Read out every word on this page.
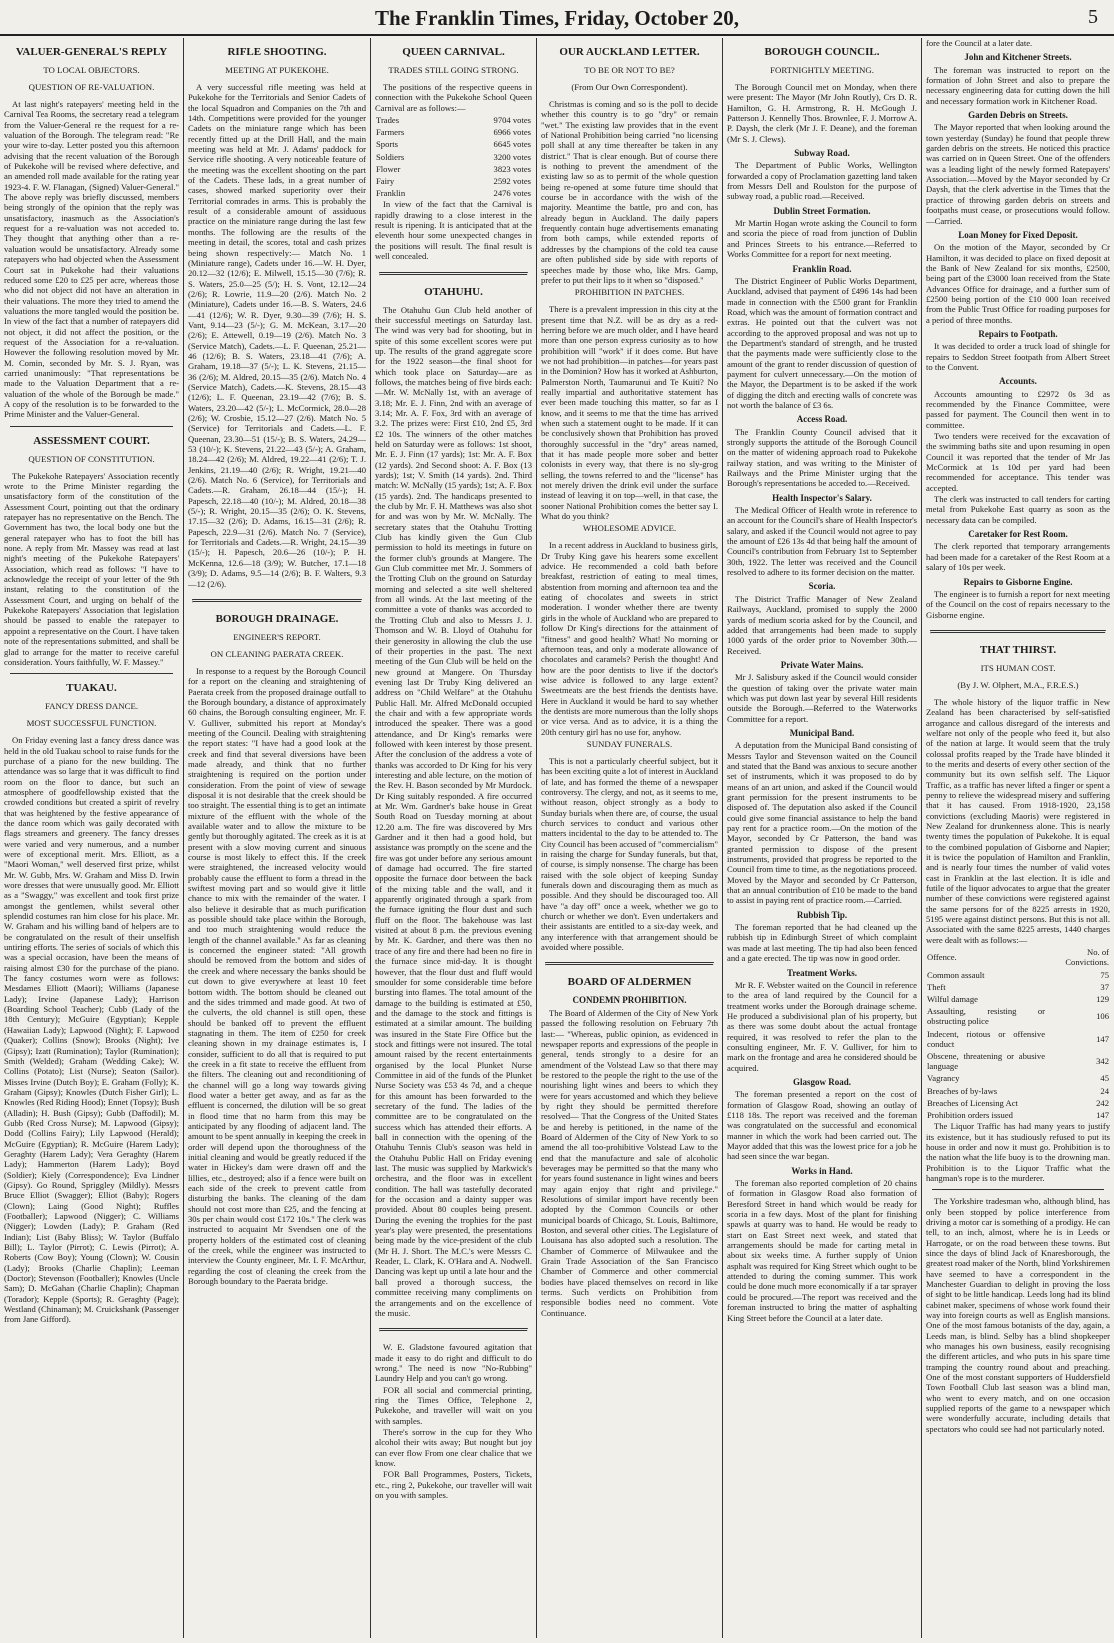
The Franklin Times, Friday, October 20,	5
VALUER-GENERAL'S REPLY
TO LOCAL OBJECTORS.
QUESTION OF RE-VALUATION.

At last night's ratepayers' meeting held in the Carnival Tea Rooms, the secretary read a telegram from the Valuer-General re the request for a re-valuation of the Borough. The telegram read: "Re your wire to-day. Letter posted you this afternoon advising that the recent valuation of the Borough of Pukekohe will be revised where defective, and an amended roll made available for the rating year 1923-4. F. W. Flanagan, (Signed) Valuer-General." The above reply was briefly discussed, members being strongly of the opinion that the reply was unsatisfactory, inasmuch as the Association's request for a re-valuation was not acceded to. They thought that anything other than a re-valuation would be unsatisfactory. Already some ratepayers who had objected when the Assessment Court sat in Pukekohe had their valuations reduced some £20 to £25 per acre, whereas those who did not object did not have an alteration in their valuations. The more they tried to amend the valuations the more tangled would the position be. In view of the fact that a number of ratepayers did not object, it did not affect the position, or the request of the Association for a re-valuation. However the following resolution moved by Mr. M. Comin, seconded by Mr. S. J. Ryan, was carried unanimously: "That representations be made to the Valuation Department that a re-valuation of the whole of the Borough be made." A copy of the resolution is to be forwarded to the Prime Minister and the Valuer-General.

ASSESSMENT COURT.
QUESTION OF CONSTITUTION.

The Pukekohe Ratepayers' Association recently wrote to the Prime Minister regarding the unsatisfactory form of the constitution of the Assessment Court, pointing out that the ordinary ratepayer has no representative on the Bench. The Government has two, the local body one but the general ratepayer who has to foot the bill has none. A reply from Mr. Massey was read at last night's meeting of the Pukekohe Ratepayers' Association, which read as follows: "I have to acknowledge the receipt of your letter of the 9th instant, relating to the constitution of the Assessment Court, and urging on behalf of the Pukekohe Ratepayers' Association that legislation should be passed to enable the ratepayer to appoint a representative on the Court. I have taken note of the representations submitted, and shall be glad to arrange for the matter to receive careful consideration. Yours faithfully, W. F. Massey."

TUAKAU.
FANCY DRESS DANCE.
MOST SUCCESSFUL FUNCTION.

On Friday evening last a fancy dress dance was held in the old Tuakau school to raise funds for the purchase of a piano for the new building. The attendance was so large that it was difficult to find room on the floor to dance, but such an atmosphere of goodfellowship existed that the crowded conditions but created a spirit of revelry that was heightened by the festive appearance of the dance room which was gaily decorated with flags streamers and greenery. The fancy dresses were varied and very numerous, and a number were of exceptional merit. Mrs. Elliott, as a "Maori Woman," well deserved first prize, whilst Mr. W. Gubb, Mrs. W. Graham and Miss D. Irwin wore dresses that were unusually good. Mr. Elliott as a "Swaggy," was excellent and took first prize amongst the gentlemen, whilst several other splendid costumes ran him close for his place. Mr. W. Graham and his willing band of helpers are to be congratulated on the result of their unselfish untiring efforts. The series of socials of which this was a special occasion, have been the means of raising almost £30 for the purchase of the piano. The fancy costumes worn were as follows: Mesdames Elliott (Maori); Williams (Japanese Lady); Irvine (Japanese Lady); Harrison (Boarding School Teacher); Cubb (Lady of the 18th Century); McGuire (Egyptian); Kepple (Hawaiian Lady); Lapwood (Night); F. Lapwood (Quaker); Collins (Snow); Brooks (Night); Ive (Gipsy); Izatt (Rumination); Taylor (Rumination); Smith (Welded); Graham (Wedding Cake); W. Collins (Potato); List (Nurse); Seaton (Sailor). Misses Irvine (Dutch Boy); E. Graham (Folly); K. Graham (Gipsy); Knowles (Dutch Fisher Girl); L. Knowles (Red Riding Hood); Ennet (Topsy); Bush (Alladin); H. Bush (Gipsy); Gubb (Daffodil); M. Gubb (Red Cross Nurse); M. Lapwood (Gipsy); Dodd (Collins Fairy); Lily Lapwood (Herald); McGuire (Egyptian); R. McGuire (Harem Lady); Geraghty (Harem Lady); Vera Geraghty (Harem Lady); Hammerton (Harem Lady); Boyd (Soldier); Kiely (Correspondence); Eva Lindner (Gipsy). Go Round, Spriggley (Mildly). Messrs Bruce Elliot (Swagger); Elliot (Baby); Rogers (Clown); Laing (Good Night); Ruffles (Footballer); Lapwood (Nigger); C. Williams (Nigger); Lowden (Lady); P. Graham (Red Indian); List (Baby Bliss); W. Taylor (Buffalo Bill); L. Taylor (Pirrot); C. Lewis (Pirrot); A. Roberts (Cow Boy); Young (Clown); W. Cousin (Lady); Brooks (Charlie Chaplin); Leeman (Doctor); Stevenson (Footballer); Knowles (Uncle Sam); D. McGahan (Charlie Chaplin); Chapman (Torador); Kepple (Sports); R. Geraghty (Page); Westland (Chinaman); M. Cruickshank (Passenger from Jane Gifford).

RIFLE SHOOTING.
MEETING AT PUKEKOHE.

A very successful rifle meeting was held at Pukekohe for the Territorials and Senior Cadets of the local Squadron and Companies on the 7th and 14th. Competitions were provided for the younger Cadets on the miniature range which has been recently fitted up at the Drill Hall, and the main meeting was held at Mr. J. Adams' paddock for Service rifle shooting. A very noticeable feature of the meeting was the excellent shooting on the part of the Cadets. These lads, in a great number of cases, showed marked superiority over their Territorial comrades in arms. This is probably the result of a considerable amount of assiduous practice on the miniature range during the last few months. The following are the results of the meeting in detail, the scores, total and cash prizes being shown respectively:— Match No. 1 (Miniature range), Cadets under 16.—W. H. Dyer, 20.12—32 (12/6); E. Milwell, 15.15—30 (7/6); R. S. Waters, 25.0—25 (5/); H. S. Vont, 12.12—24 (2/6); R. Lowrie, 11.9—20 (2/6). Match No. 2 (Miniature), Cadets under 16.—B. S. Waters, 24.6—41 (12/6); W. R. Dyer, 9.30—39 (7/6); H. S. Vant, 9.14—23 (5/-); G. M. McKean, 3.17—20 (2/6); E. Attewell, 0.19—19 (2/6). Match No. 3 (Service Match), Cadets.—L. F. Queenan, 25.21—46 (12/6); B. S. Waters, 23.18—41 (7/6); A. Graham, 19.18—37 (5/-); L. K. Stevens, 21.15—36 (2/6); M. Aldred, 20.15—35 (2/6). Match No. 4 (Service Match), Cadets.—K. Stevens, 28.15—43 (12/6); L. F. Queenan, 23.19—42 (7/6); B. S. Waters, 23.20—42 (5/-); L. McCormick, 28.0—28 (2/6); W. Crosbie, 15.12—27 (2/6). Match No. 5 (Service) for Territorials and Cadets.—L. F. Queenan, 23.30—51 (15/-); B. S. Waters, 24.29—53 (10/-); K. Stevens, 21.22—43 (5/-); A. Graham, 18.24—42 (2/6); M. Aldred, 19.22—41 (2/6); T. J. Jenkins, 21.19—40 (2/6); R. Wright, 19.21—40 (2/6). Match No. 6 (Service), for Territorials and Cadets.—R. Graham, 26.18—44 (15/-); H. Papesch, 22.18—40 (10/-); M. Aldred, 20.18—38 (5/-); R. Wright, 20.15—35 (2/6); O. K. Stevens, 17.15—32 (2/6); D. Adams, 16.15—31 (2/6); R. Papesch, 22.9—31 (2/6). Match No. 7 (Service), for Territorials and Cadets.—R. Wright, 24.15—39 (15/-); H. Papesch, 20.6—26 (10/-); P. H. McKenna, 12.6—18 (3/9); W. Butcher, 17.1—18 (3/9); D. Adams, 9.5—14 (2/6); B. F. Walters, 9.3—12 (2/6).

BOROUGH DRAINAGE.
ENGINEER'S REPORT.
ON CLEANING PAERATA CREEK.

In response to a request by the Borough Council for a report on the cleaning and straightening of Paerata creek from the proposed drainage outfall to the Borough boundary, a distance of approximately 60 chains, the Borough consulting engineer, Mr. F. V. Gulliver, submitted his report at Monday's meeting of the Council. Dealing with straightening the report states: "I have had a good look at the creek and find that several diversions have been made already, and think that no further straightening is required on the portion under consideration. From the point of view of sewage disposal it is not desirable that the creek should be too straight. The essential thing is to get an intimate mixture of the effluent with the whole of the available water and to allow the mixture to be gently but thoroughly agitated. The creek as it is at present with a slow moving current and sinuous course is most likely to effect this. If the creek were straightened, the increased velocity would probably cause the effluent to form a thread in the swiftest moving part and so would give it little chance to mix with the remainder of the water. I also believe it desirable that as much purification as possible should take place within the Borough, and too much straightening would reduce the length of the channel available." As far as cleaning is concerned the engineer stated: "All growth should be removed from the bottom and sides of the creek and where necessary the banks should be cut down to give everywhere at least 10 feet bottom width. The bottom should be cleaned out and the sides trimmed and made good. At two of the culverts, the old channel is still open, these should be banked off to prevent the effluent stagnating in them. The item of £250 for creek cleaning shown in my drainage estimates is, I consider, sufficient to do all that is required to put the creek in a fit state to receive the effluent from the filters. The cleaning out and reconditioning of the channel will go a long way towards giving flood water a better get away, and as far as the effluent is concerned, the dilution will be so great in flood time that no harm from this may be anticipated by any flooding of adjacent land. The amount to be spent annually in keeping the creek in order will depend upon the thoroughness of the initial cleaning and would be greatly reduced if the water in Hickey's dam were drawn off and the lillies, etc., destroyed; also if a fence were built on each side of the creek to prevent cattle from disturbing the banks. The cleaning of the dam should not cost more than £25, and the fencing at 30s per chain would cost £172 10s." The clerk was instructed to acquaint Mr Svendsen one of the property holders of the estimated cost of cleaning of the creek, while the engineer was instructed to interview the County engineer, Mr. I. F. McArthur, regarding the cost of cleaning the creek from the Borough boundary to the Paerata bridge.

QUEEN CARNIVAL.
TRADES STILL GOING STRONG.

The positions of the respective queens in connection with the Pukekohe School Queen Carnival are as follows:—

Trades	9704 votes
Farmers	6966 votes
Sports	6645 votes
Soldiers	3200 votes
Flower	3823 votes
Fairy	2592 votes
Franklin	2476 votes

In view of the fact that the Carnival is rapidly drawing to a close interest in the result is ripening. It is anticipated that at the eleventh hour some unexpected changes in the positions will result. The final result is well concealed.

OTAHUHU.

The Otahuhu Gun Club held another of their successful meetings on Saturday last. The wind was very bad for shooting, but in spite of this some excellent scores were put up. The results of the grand aggregate score for the 1922 season—the final shoot for which took place on Saturday—are as follows, the matches being of five birds each:—Mr. W. McNally 1st, with an average of 3.18; Mr. E. J. Finn, 2nd with an average of 3.14; Mr. A. F. Fox, 3rd with an average of 3.2. The prizes were: First £10, 2nd £5, 3rd £2 10s. The winners of the other matches held on Saturday were as follows: 1st shoot, Mr. E. J. Finn (17 yards); 1st: Mr. A. F. Box (12 yards). 2nd Second shoot: A. F. Box (13 yards); 1st; V. Smith (14 yards). 2nd. Third match: W. McNally (15 yards); 1st; A. F. Box (15 yards). 2nd. The handicaps presented to the club by Mr. F. H. Matthews was also shot for and was won by Mr. W. McNally. The secretary states that the Otahuhu Trotting Club has kindly given the Gun Club permission to hold its meetings in future on the former club's grounds at Mangere. The Gun Club committee met Mr. J. Sommers of the Trotting Club on the ground on Saturday morning and selected a site well sheltered from all winds. At the last meeting of the committee a vote of thanks was accorded to the Trotting Club and also to Messrs J. J. Thomson and W. B. Lloyd of Otahuhu for their generosity in allowing the club the use of their properties in the past. The next meeting of the Gun Club will be held on the new ground at Mangere. On Thursday evening last Dr Truby King delivered an address on "Child Welfare" at the Otahuhu Public Hall. Mr. Alfred McDonald occupied the chair and with a few appropriate words introduced the speaker. There was a good attendance, and Dr King's remarks were followed with keen interest by those present. After the conclusion of the address a vote of thanks was accorded to Dr King for his very interesting and able lecture, on the motion of the Rev. H. Bason seconded by Mr Murdock. Dr King suitably responded. A fire occurred at Mr. Wm. Gardner's bake house in Great South Road on Tuesday morning at about 12.20 a.m. The fire was discovered by Mrs Gardner and it then had a good hold, but assistance was promptly on the scene and the fire was got under before any serious amount of damage had occurred. The fire started opposite the furnace door between the back of the mixing table and the wall, and it apparently originated through a spark from the furnace igniting the flour dust and such fluff on the floor. The bakehouse was last visited at about 8 p.m. the previous evening by Mr. K. Gardner, and there was then no trace of any fire and there had been no fire in the furnace since mid-day. It is thought however, that the flour dust and fluff would smoulder for some considerable time before bursting into flames. The total amount of the damage to the building is estimated at £50, and the damage to the stock and fittings is estimated at a similar amount. The building was insured in the State Fire Office but the stock and fittings were not insured. The total amount raised by the recent entertainments organised by the local Plunket Nurse Committee in aid of the funds of the Plunket Nurse Society was £53 4s 7d, and a cheque for this amount has been forwarded to the secretary of the fund. The ladies of the committee are to be congratulated on the success which has attended their efforts. A ball in connection with the opening of the Otahuhu Tennis Club's season was held in the Otahuhu Public Hall on Friday evening last. The music was supplied by Markwick's orchestra, and the floor was in excellent condition. The hall was tastefully decorated for the occasion and a dainty supper was provided. About 80 couples being present. During the evening the trophies for the past year's play were presented, the presentations being made by the vice-president of the club (Mr H. J. Short. The M.C.'s were Messrs C. Reader, L. Clark, K. O'Hara and A. Nodwell. Dancing was kept up until a late hour and the ball proved a thorough success, the committee receiving many compliments on the arrangements and on the excellence of the music.

W. E. Gladstone favoured agitation that made it easy to do right and difficult to do wrong." The need is now "No-Rubbing" Laundry Help and you can't go wrong.

FOR all social and commercial printing, ring the Times Office, Telephone 2, Pukekohe, and traveller will wait on you with samples.

There's sorrow in the cup for they Who alcohol their wits away; But nought but joy can ever flow From one clear chalice that we know.

FOR Ball Programmes, Posters, Tickets, etc., ring 2, Pukekohe, our traveller will wait on you with samples.

OUR AUCKLAND LETTER.
TO BE OR NOT TO BE?
(From Our Own Correspondent).

Christmas is coming and so is the poll to decide whether this country is to go "dry" or remain "wet." The existing law provides that in the event of National Prohibition being carried "no licensing poll shall at any time thereafter be taken in any district." That is clear enough. But of course there is nothing to prevent the amendment of the existing law so as to permit of the whole question being re-opened at some future time should that course be in accordance with the wish of the majority. Meantime the battle, pro and con, has already begun in Auckland. The daily papers frequently contain huge advertisements emanating from both camps, while extended reports of addresses by the champions of the cold tea cause are often published side by side with reports of speeches made by those who, like Mrs. Gamp, prefer to put their lips to it when so "disposed."

PROHIBITION IN PATCHES.

There is a prevalent impression in this city at the present time that N.Z. will be as dry as a red-herring before we are much older, and I have heard more than one person express curiosity as to how prohibition will "work" if it does come. But have we not had prohibition—in patches—for years past in the Dominion? How has it worked at Ashburton, Palmerston North, Taumarunui and Te Kuiti? No really impartial and authoritative statement has ever been made touching this matter, so far as I know, and it seems to me that the time has arrived when such a statement ought to be made. If it can be conclusively shown that Prohibition has proved thoroughly successful in the "dry" areas named, that it has made people more sober and better colonists in every way, that there is no sly-grog selling, the towns referred to and the "license" has not merely driven the drink evil under the surface instead of leaving it on top—well, in that case, the sooner National Prohibition comes the better say I. What do you think?

WHOLESOME ADVICE.

In a recent address in Auckland to business girls, Dr Truby King gave his hearers some excellent advice. He recommended a cold bath before breakfast, restriction of eating to meal times, abstention from morning and afternoon tea and the eating of chocolates and sweets in strict moderation. I wonder whether there are twenty girls in the whole of Auckland who are prepared to follow Dr King's directions for the attainment of "fitness" and good health? What! No morning or afternoon teas, and only a moderate allowance of chocolates and caramels? Perish the thought! And how are the poor dentists to live if the doctor's wise advice is followed to any large extent? Sweetmeats are the best friends the dentists have. Here in Auckland it would be hard to say whether the dentists are more numerous than the lolly shops or vice versa. And as to advice, it is a thing the 20th century girl has no use for, anyhow.

SUNDAY FUNERALS.

This is not a particularly cheerful subject, but it has been exciting quite a lot of interest in Auckland of late, and has formed the theme of a newspaper controversy. The clergy, and not, as it seems to me, without reason, object strongly as a body to Sunday burials when there are, of course, the usual church services to conduct and various other matters incidental to the day to be attended to. The City Council has been accused of "commercialism" in raising the charge for Sunday funerals, but that, of course, is simply nonsense. The charge has been raised with the sole object of keeping Sunday funerals down and discouraging them as much as possible. And they should be discouraged too. All have "a day off" once a week, whether we go to church or whether we don't. Even undertakers and their assistants are entitled to a six-day week, and any interference with that arrangement should be avoided where possible.

BOARD OF ALDERMEN
CONDEMN PROHIBITION.

The Board of Aldermen of the City of New York passed the following resolution on February 7th last:— "Whereas, public opinion, as evidenced in newspaper reports and expressions of the people in general, tends strongly to a desire for an amendment of the Volstead Law so that there may be restored to the people the right to the use of the nourishing light wines and beers to which they were for years accustomed and which they believe by right they should be permitted therefore resolved— That the Congress of the United States be and hereby is petitioned, in the name of the Board of Aldermen of the City of New York to so amend the all too-prohibitive Volstead Law to the end that the manufacture and sale of alcoholic beverages may be permitted so that the many who for years found sustenance in light wines and beers may again enjoy that right and privilege." Resolutions of similar import have recently been adopted by the Common Councils or other municipal boards of Chicago, St. Louis, Baltimore, Boston, and several other cities. The Legislature of Louisana has also adopted such a resolution. The Chamber of Commerce of Milwaukee and the Grain Trade Association of the San Francisco Chamber of Commerce and other commercial bodies have placed themselves on record in like terms. Such verdicts on Prohibition from responsible bodies need no comment. Vote Continuance.

BOROUGH COUNCIL.
FORTNIGHTLY MEETING.

The Borough Council met on Monday, when there were present: The Mayor (Mr John Routly), Crs D. R. Hamilton, G. H. Armstrong, R. H. McGough J. Patterson J. Kennelly Thos. Brownlee, F. J. Morrow A. P. Daysh, the clerk (Mr J. F. Deane), and the foreman (Mr S. J. Clews).

Subway Road.

The Department of Public Works, Wellington forwarded a copy of Proclamation gazetting land taken from Messrs Dell and Roulston for the purpose of subway road, a public road.—Received.

Dublin Street Formation.

Mr Martin Hogan wrote asking the Council to form and scoria the piece of road from junction of Dublin and Princes Streets to his entrance.—Referred to Works Committee for a report for next meeting.

Franklin Road.

The District Engineer of Public Works Department, Auckland, advised that payment of £496 14s had been made in connection with the £500 grant for Franklin Road, which was the amount of formation contract and extras. He pointed out that the culvert was not according to the approved proposal and was not up to the Department's standard of strength, and he trusted that the payments made were sufficiently close to the amount of the grant to render discussion of question of payment for culvert unnecessary.—On the motion of the Mayor, the Department is to be asked if the work of digging the ditch and erecting walls of concrete was not worth the balance of £3 6s.

Access Road.

The Franklin County Council advised that it strongly supports the attitude of the Borough Council on the matter of widening approach road to Pukekohe railway station, and was writing to the Minister of Railways and the Prime Minister urging that the Borough's representations be acceded to.—Received.

Health Inspector's Salary.

The Medical Officer of Health wrote in reference to an account for the Council's share of Health Inspector's salary, and asked if the Council would not agree to pay the amount of £26 13s 4d that being half the amount of Council's contribution from February 1st to September 30th, 1922. The letter was received and the Council resolved to adhere to its former decision on the matter.

Scoria.

The District Traffic Manager of New Zealand Railways, Auckland, promised to supply the 2000 yards of medium scoria asked for by the Council, and added that arrangements had been made to supply 1000 yards of the order prior to November 30th.—Received.

Private Water Mains.

Mr J. Salisbury asked if the Council would consider the question of taking over the private water main which was put down last year by several Hill residents outside the Borough.—Referred to the Waterworks Committee for a report.

Municipal Band.

A deputation from the Municipal Band consisting of Messrs Taylor and Stevenson waited on the Council and stated that the Band was anxious to secure another set of instruments, which it was proposed to do by means of an art union, and asked if the Council would grant permission for the present instruments to be disposed of. The deputation also asked if the Council could give some financial assistance to help the band pay rent for a practice room.—On the motion of the Mayor, seconded by Cr Patterson, the band was granted permission to dispose of the present instruments, provided that progress be reported to the Council from time to time, as the negotiations proceed. Moved by the Mayor and seconded by Cr Patterson, that an annual contribution of £10 be made to the band to assist in paying rent of practice room.—Carried.

Rubbish Tip.

The foreman reported that he had cleaned up the rubbish tip in Edinburgh Street of which complaint was made at last meeting. The tip had also been fenced and a gate erected. The tip was now in good order.

Treatment Works.

Mr R. F. Webster waited on the Council in reference to the area of land required by the Council for a treatment works under the Borough drainage scheme. He produced a subdivisional plan of his property, but as there was some doubt about the actual frontage required, it was resolved to refer the plan to the consulting engineer, Mr. F. V. Gulliver, for him to mark on the frontage and area he considered should be acquired.

Glasgow Road.

The foreman presented a report on the cost of formation of Glasgow Road, showing an outlay of £118 18s. The report was received and the foreman was congratulated on the successful and economical manner in which the work had been carried out. The Mayor added that this was the lowest price for a job he had seen since the war began.

Works in Hand.

The foreman also reported completion of 20 chains of formation in Glasgow Road also formation of Beresford Street in hand which would be ready for scoria in a few days. Most of the plant for finishing spawls at quarry was to hand. He would be ready to start on East Street next week, and stated that arrangements should be made for carting metal in about six weeks time. A further supply of Union asphalt was required for King Street which ought to be attended to during the coming summer. This work could be done much more economically if a tar sprayer could be procured.—The report was received and the foreman instructed to bring the matter of asphalting King Street before the Council at a later date.

fore the Council at a later date.

John and Kitchener Streets.

The foreman was instructed to report on the formation of John Street and also to prepare the necessary engineering data for cutting down the hill and necessary formation work in Kitchener Road.

Garden Debris on Streets.

The Mayor reported that when looking around the town yesterday (Sunday) he found that people threw garden debris on the streets. He noticed this practice was carried on in Queen Street. One of the offenders was a leading light of the newly formed Ratepayers' Association.—Moved by the Mayor seconded by Cr Daysh, that the clerk advertise in the Times that the practice of throwing garden debris on streets and footpaths must cease, or prosecutions would follow.—Carried.

Loan Money for Fixed Deposit.

On the motion of the Mayor, seconded by Cr Hamilton, it was decided to place on fixed deposit at the Bank of New Zealand for six months, £2500, being part of the £3000 loan received from the State Advances Office for drainage, and a further sum of £2500 being portion of the £10 000 loan received from the Public Trust Office for roading purposes for a period of three months.

Repairs to Footpath.

It was decided to order a truck load of shingle for repairs to Seddon Street footpath from Albert Street to the Convent.

Accounts.

Accounts amounting to £2972 0s 3d as recommended by the Finance Committee, were passed for payment. The Council then went in to committee.

Two tenders were received for the excavation of the swimming baths site and upon resuming in open Council it was reported that the tender of Mr Jas McCormick at 1s 10d per yard had been recommended for acceptance. This tender was accepted.

The clerk was instructed to call tenders for carting metal from Pukekohe East quarry as soon as the necessary data can be compiled.

Caretaker for Rest Room.

The clerk reported that temporary arrangements had been made for a caretaker of the Rest Room at a salary of 10s per week.

Repairs to Gisborne Engine.

The engineer is to furnish a report for next meeting of the Council on the cost of repairs necessary to the Gisborne engine.

THAT THIRST.
ITS HUMAN COST.
(By J. W. Olphert, M.A., F.R.E.S.)

The whole history of the liquor traffic in New Zealand has been characterised by self-satisfied arrogance and callous disregard of the interests and welfare not only of the people who feed it, but also of the nation at large. It would seem that the truly colossal profits reaped by the Trade have blinded it to the merits and deserts of every other section of the community but its own selfish self. The Liquor Traffic, as a traffic has never lifted a finger or spent a penny to relieve the widespread misery and suffering that it has caused. From 1918-1920, 23,158 convictions (excluding Maoris) were registered in New Zealand for drunkenness alone. This is nearly twenty times the population of Pukekohe. It is equal to the combined population of Gisborne and Napier; it is twice the population of Hamilton and Franklin, and is nearly four times the number of valid votes cast in Franklin at the last election. It is idle and futile of the liquor advocates to argue that the greater number of these convictions were registered against the same persons for of the 8225 arrests in 1920, 5195 were against distinct persons. But this is not all. Associated with the same 8225 arrests, 1440 charges were dealt with as follows:—

Offence.	No. of Convictions.
Common assault	75
Theft	37
Wilful damage	129
Assaulting, resisting or obstructing police	106
Indecent, riotous or offensive conduct	147
Obscene, threatening or abusive language	342
Vagrancy	45
Breaches of by-laws	24
Breaches of Licensing Act	242
Prohibition orders issued	147

The Liquor Traffic has had many years to justify its existence, but it has studiously refused to put its house in order and now it must go. Prohibition is to the nation what the life buoy is to the drowning man. Prohibition is to the Liquor Traffic what the hangman's rope is to the murderer.

The Yorkshire tradesman who, although blind, has only been stopped by police interference from driving a motor car is something of a prodigy. He can tell, to an inch, almost, where he is in Leeds or Harrogate, or on the road between these towns. But since the days of blind Jack of Knaresborough, the greatest road maker of the North, blind Yorkshiremen have seemed to have a correspondent in the Manchester Guardian to delight in proving the loss of sight to be little handicap. Leeds long had its blind cabinet maker, specimens of whose work found their way into foreign courts as well as English mansions. One of the most famous botanists of the day, again, a Leeds man, is blind. Selby has a blind shopkeeper who manages his own business, easily recognising the different articles, and who puts in his spare time tramping the country round about and preaching. One of the most constant supporters of Huddersfield Town Football Club last season was a blind man, who went to every match, and on one occasion supplied reports of the game to a newspaper which were wonderfully accurate, including details that spectators who could see had not particularly noted.
